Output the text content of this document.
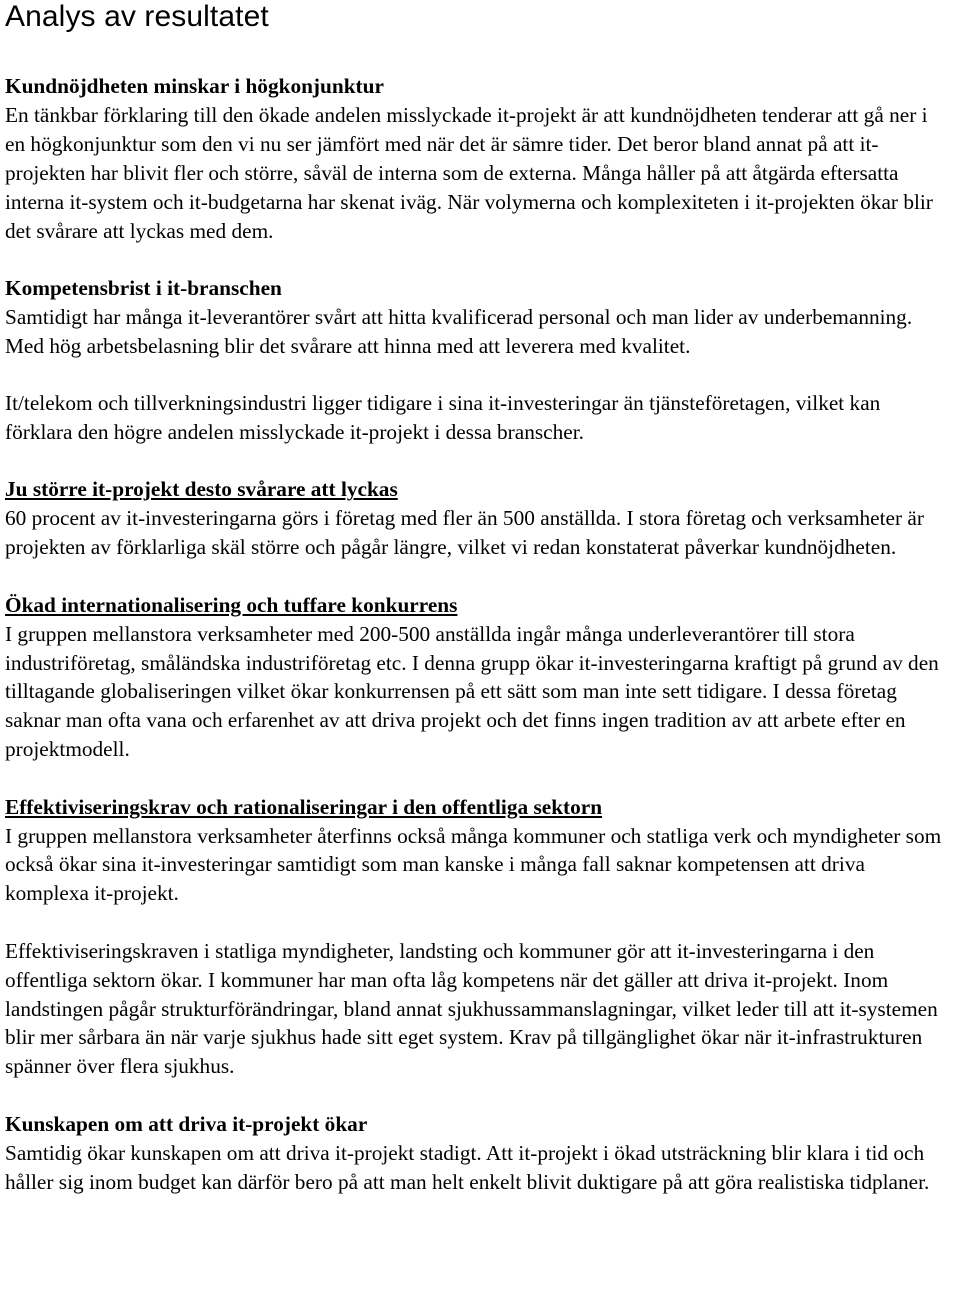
Analys av resultatet

Kundnöjdheten minskar i högkonjunktur

En tänkbar förklaring till den ökade andelen misslyckade it-projekt är att kundnöjdheten tenderar att gå ner i en högkonjunktur som den vi nu ser jämfört med när det är sämre tider. Det beror bland annat på att it-projekten har blivit fler och större, såväl de interna som de externa. Många håller på att åtgärda eftersatta interna it-system och it-budgetarna har skenat iväg. När volymerna och komplexiteten i it-projekten ökar blir det svårare att lyckas med dem.

Kompetensbrist i it-branschen

Samtidigt har många it-leverantörer svårt att hitta kvalificerad personal och man lider av underbemanning. Med hög arbetsbelasning blir det svårare att hinna med att leverera med kvalitet.

It/telekom och tillverkningsindustri ligger tidigare i sina it-investeringar än tjänsteföretagen, vilket kan förklara den högre andelen misslyckade it-projekt i dessa branscher.

Ju större it-projekt desto svårare att lyckas

60 procent av it-investeringarna görs i företag med fler än 500 anställda. I stora företag och verksamheter är projekten av förklarliga skäl större och pågår längre, vilket vi redan konstaterat påverkar kundnöjdheten.

Ökad internationalisering och tuffare konkurrens

I gruppen mellanstora verksamheter med 200-500 anställda ingår många underleverantörer till stora industriföretag, småländska industriföretag etc. I denna grupp ökar it-investeringarna kraftigt på grund av den tilltagande globaliseringen vilket ökar konkurrensen på ett sätt som man inte sett tidigare. I dessa företag saknar man ofta vana och erfarenhet av att driva projekt och det finns ingen tradition av att arbete efter en projektmodell.

Effektiviseringskrav och rationaliseringar i den offentliga sektorn

I gruppen mellanstora verksamheter återfinns också många kommuner och statliga verk och myndigheter som också ökar sina it-investeringar samtidigt som man kanske i många fall saknar kompetensen att driva komplexa it-projekt.

Effektiviseringskraven i statliga myndigheter, landsting och kommuner gör att it-investeringarna i den offentliga sektorn ökar. I kommuner har man ofta låg kompetens när det gäller att driva it-projekt. Inom landstingen pågår strukturförändringar, bland annat sjukhussammanslagningar, vilket leder till att it-systemen blir mer sårbara än när varje sjukhus hade sitt eget system. Krav på tillgänglighet ökar när it-infrastrukturen spänner över flera sjukhus.

Kunskapen om att driva it-projekt ökar

Samtidig ökar kunskapen om att driva it-projekt stadigt. Att it-projekt i ökad utsträckning blir klara i tid och håller sig inom budget kan därför bero på att man helt enkelt blivit duktigare på att göra realistiska tidplaner.
